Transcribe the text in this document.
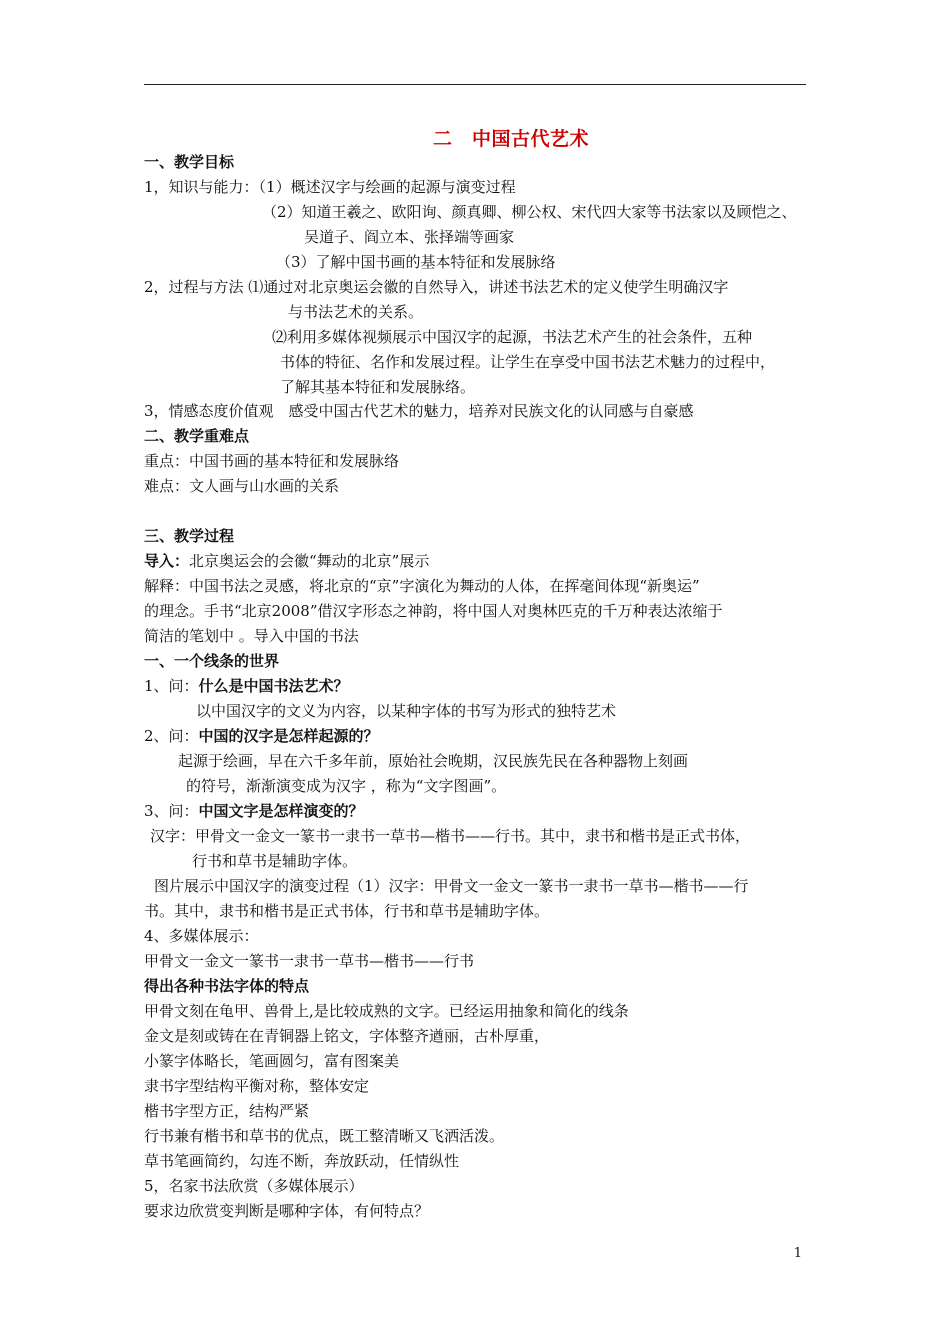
二　中国古代艺术
一、教学目标
1，知识与能力：（1）概述汉字与绘画的起源与演变过程
（2）知道王羲之、欧阳询、颜真卿、柳公权、宋代四大家等书法家以及顾恺之、
吴道子、阎立本、张择端等画家
（3）了解中国书画的基本特征和发展脉络
2，过程与方法 ⑴通过对北京奥运会徽的自然导入，讲述书法艺术的定义使学生明确汉字
与书法艺术的关系。
⑵利用多媒体视频展示中国汉字的起源，书法艺术产生的社会条件，五种
书体的特征、名作和发展过程。让学生在享受中国书法艺术魅力的过程中，
了解其基本特征和发展脉络。
3，情感态度价值观　感受中国古代艺术的魅力，培养对民族文化的认同感与自豪感
二、教学重难点
重点：中国书画的基本特征和发展脉络
难点：文人画与山水画的关系
三、教学过程
导入：北京奥运会的会徽“舞动的北京”展示
解释：中国书法之灵感，将北京的“京”字演化为舞动的人体，在挥毫间体现“新奥运”
的理念。手书“北京2008”借汉字形态之神韵，将中国人对奥林匹克的千万种表达浓缩于
简洁的笔划中 。导入中国的书法
一、一个线条的世界
1、问：什么是中国书法艺术？
以中国汉字的文义为内容，以某种字体的书写为形式的独特艺术
2、问：中国的汉字是怎样起源的？
起源于绘画，早在六千多年前，原始社会晚期，汉民族先民在各种器物上刻画
的符号，渐渐演变成为汉字 ，称为“文字图画”。
3、问：中国文字是怎样演变的？
汉字：甲骨文一金文一篆书一隶书一草书—楷书——行书。其中，隶书和楷书是正式书体，
行书和草书是辅助字体。
图片展示中国汉字的演变过程（1）汉字：甲骨文一金文一篆书一隶书一草书—楷书——行
书。其中，隶书和楷书是正式书体，行书和草书是辅助字体。
4、多媒体展示：
甲骨文一金文一篆书一隶书一草书—楷书——行书
得出各种书法字体的特点
甲骨文刻在龟甲、兽骨上,是比较成熟的文字。已经运用抽象和简化的线条
金文是刻或铸在在青铜器上铭文，字体整齐遒丽，古朴厚重，
小篆字体略长，笔画圆匀，富有图案美
隶书字型结构平衡对称，整体安定
楷书字型方正，结构严紧
行书兼有楷书和草书的优点，既工整清晰又飞洒活泼。
草书笔画简约，勾连不断，奔放跃动，任情纵性
5，名家书法欣赏（多媒体展示）
要求边欣赏变判断是哪种字体，有何特点？
1
